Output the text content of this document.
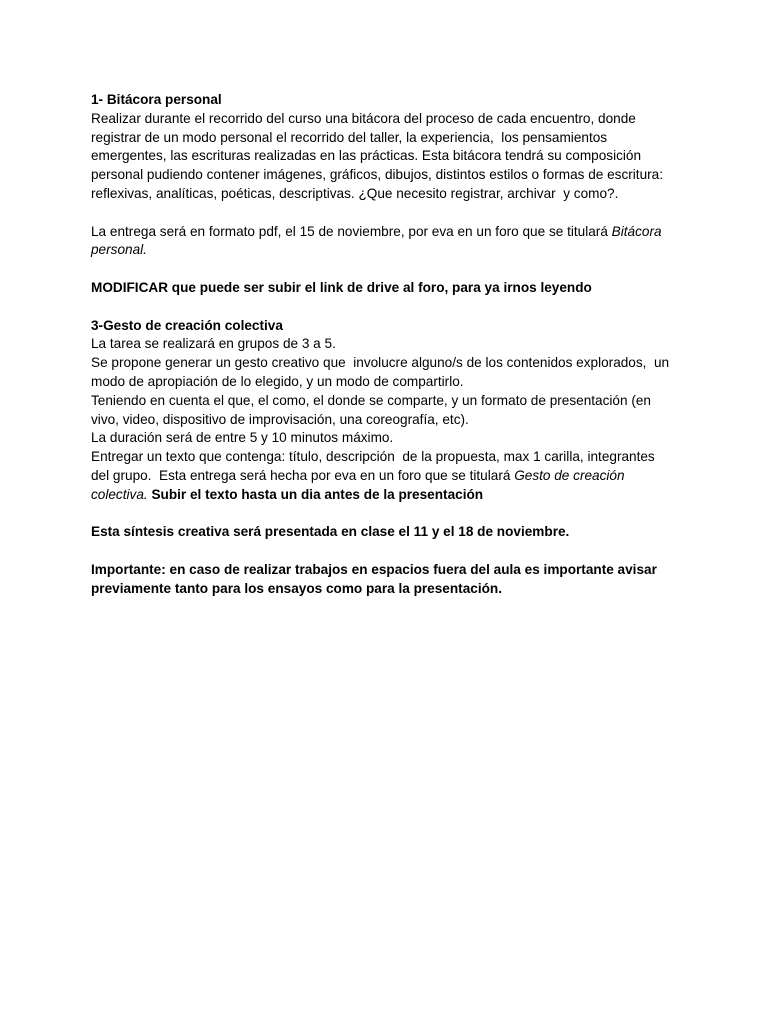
1- Bitácora personal
Realizar durante el recorrido del curso una bitácora del proceso de cada encuentro, donde
registrar de un modo personal el recorrido del taller, la experiencia,  los pensamientos
emergentes, las escrituras realizadas en las prácticas. Esta bitácora tendrá su composición
personal pudiendo contener imágenes, gráficos, dibujos, distintos estilos o formas de escritura:
reflexivas, analíticas, poéticas, descriptivas. ¿Que necesito registrar, archivar  y como?.
La entrega será en formato pdf, el 15 de noviembre, por eva en un foro que se titulará Bitácora
personal.
MODIFICAR que puede ser subir el link de drive al foro, para ya irnos leyendo
3-Gesto de creación colectiva
La tarea se realizará en grupos de 3 a 5.
Se propone generar un gesto creativo que  involucre alguno/s de los contenidos explorados,  un
modo de apropiación de lo elegido, y un modo de compartirlo.
Teniendo en cuenta el que, el como, el donde se comparte, y un formato de presentación (en
vivo, video, dispositivo de improvisación, una coreografía, etc).
La duración será de entre 5 y 10 minutos máximo.
Entregar un texto que contenga: título, descripción  de la propuesta, max 1 carilla, integrantes
del grupo.  Esta entrega será hecha por eva en un foro que se titulará Gesto de creación
colectiva. Subir el texto hasta un dia antes de la presentación
Esta síntesis creativa será presentada en clase el 11 y el 18 de noviembre.
Importante: en caso de realizar trabajos en espacios fuera del aula es importante avisar
previamente tanto para los ensayos como para la presentación.
